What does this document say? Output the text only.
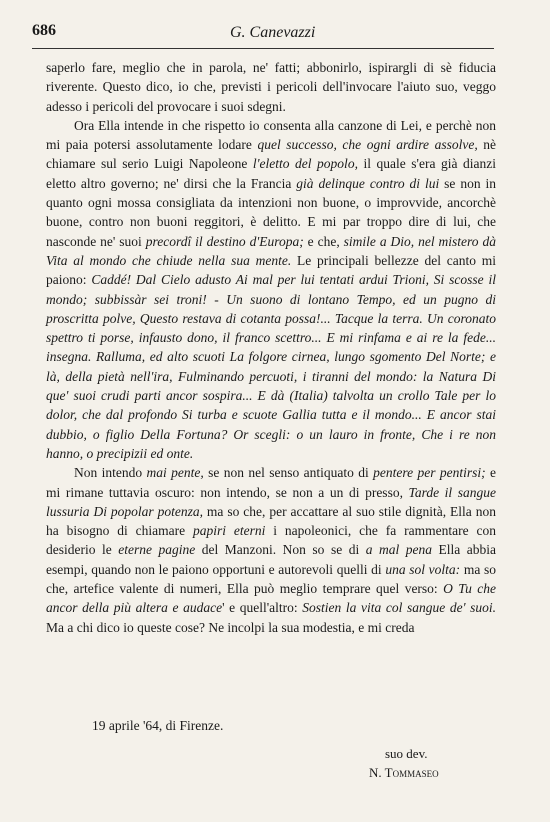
686	G. Canevazzi

saperlo fare, meglio che in parola, ne' fatti; abbonirlo, ispirargli di sè fiducia riverente. Questo dico, io che, previsti i pericoli dell'invocare l'aiuto suo, veggo adesso i pericoli del provocare i suoi sdegni.

Ora Ella intende in che rispetto io consenta alla canzone di Lei, e perchè non mi paia potersi assolutamente lodare quel successo, che ogni ardire assolve, nè chiamare sul serio Luigi Napoleone l'eletto del popolo, il quale s'era già dianzi eletto altro governo; ne' dirsi che la Francia già delinque contro di lui se non in quanto ogni mossa consigliata da intenzioni non buone, o improvvide, ancorchè buone, contro non buoni reggitori, è delitto. E mi par troppo dire di lui, che nasconde ne' suoi precordî il destino d'Europa; e che, simile a Dio, nel mistero dà Vita al mondo che chiude nella sua mente. Le principali bellezze del canto mi paiono: Caddé! Dal Cielo adusto Ai mal per lui tentati ardui Trioni, Si scosse il mondo; subbissàr sei troni! - Un suono di lontano Tempo, ed un pugno di proscritta polve, Questo restava di cotanta possa!... Tacque la terra. Un coronato spettro ti porse, infausto dono, il franco scettro... E mi rinfama e ai re la fede... insegna. Ralluma, ed alto scuoti La folgore cirnea, lungo sgomento Del Norte; e là, della pietà nell'ira, Fulminando percuoti, i tiranni del mondo: la Natura Di que' suoi crudi parti ancor sospira... E dà (Italia) talvolta un crollo Tale per lo dolor, che dal profondo Si turba e scuote Gallia tutta e il mondo... E ancor stai dubbio, o figlio Della Fortuna? Or scegli: o un lauro in fronte, Che i re non hanno, o precipizii ed onte.

Non intendo mai pente, se non nel senso antiquato di pentere per pentirsi; e mi rimane tuttavia oscuro: non intendo, se non a un di presso, Tarde il sangue lussuria Di popolar potenza, ma so che, per accattare al suo stile dignità, Ella non ha bisogno di chiamare papiri eterni i napoleonici, che fa rammentare con desiderio le eterne pagine del Manzoni. Non so se di a mal pena Ella abbia esempi, quando non le paiono opportuni e autorevoli quelli di una sol volta: ma so che, artefice valente di numeri, Ella può meglio temprare quel verso: O Tu che ancor della più altera e audace' e quell'altro: Sostien la vita col sangue de' suoi. Ma a chi dico io queste cose? Ne incolpi la sua modestia, e mi creda

19 aprile '64, di Firenze.
suo dev.
N. Tommaseo
